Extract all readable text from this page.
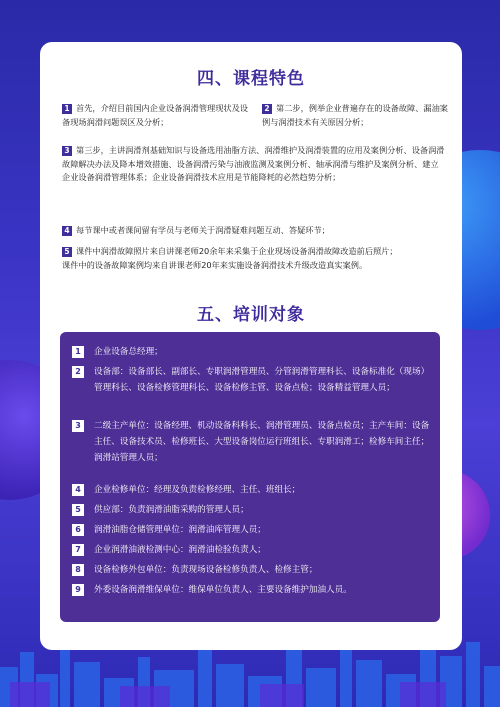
四、课程特色
1 首先，介绍目前国内企业设备润滑管理现状及设备现场润滑问题误区及分析；
2 第二步，例举企业普遍存在的设备故障、漏油案例与润滑技术有关原因分析；
3 第三步，主讲润滑剂基础知识与设备选用油脂方法、润滑维护及润滑装置的应用及案例分析、设备润滑故障解决办法及降本增效措施、设备润滑污染与油液监测及案例分析、轴承润滑与维护及案例分析、建立企业设备润滑管理体系；企业设备润滑技术应用是节能降耗的必然趋势分析；
4 每节课中或者课间留有学员与老师关于润滑疑难问题互动、答疑环节；
5 课件中润滑故障照片来自讲课老师20余年来采集于企业现场设备润滑故障改造前后照片；
课件中的设备故障案例均来自讲课老师20年来实施设备润滑技术升级改造真实案例。
五、培训对象
1	企业设备总经理；
2	设备部：设备部长、副部长、专职润滑管理员、分管润滑管理科长、设备标准化（现场）管理科长、设备检修管理科长、设备检修主管、设备点检；设备精益管理人员；
3	二级主产单位：设备经理、机动设备科科长、润滑管理员、设备点检员；主产车间：设备主任、设备技术员、检修班长、大型设备岗位运行班组长、专职润滑工；检修车间主任；润滑站管理人员；
4	企业检修单位：经理及负责检修经理、主任、班组长；
5	供应部：负责润滑油脂采购的管理人员；
6	润滑油脂仓储管理单位：润滑油库管理人员；
7	企业润滑油液检测中心：润滑油检验负责人；
8	设备检修外包单位：负责现场设备检修负责人、检修主管；
9	外委设备润滑维保单位：维保单位负责人、主要设备维护加油人员。
